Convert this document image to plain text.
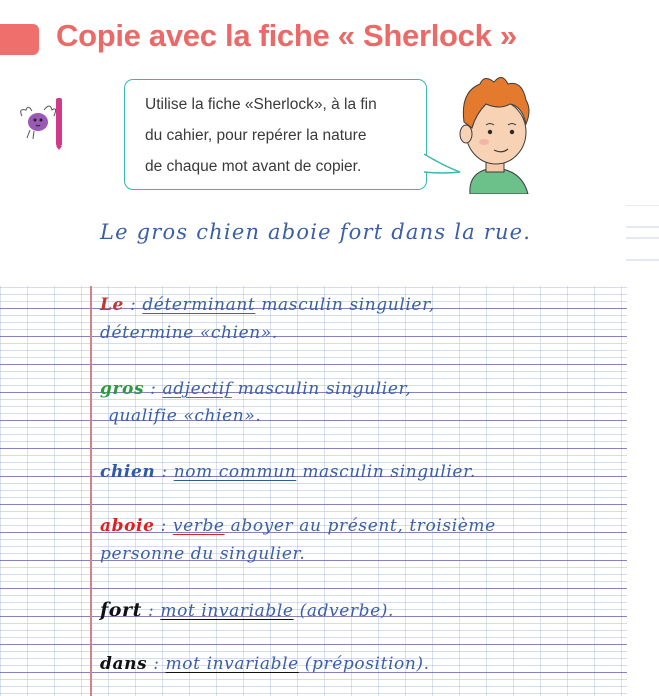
Copie avec la fiche « Sherlock »
Utilise la fiche «Sherlock», à la fin
du cahier, pour repérer la nature
de chaque mot avant de copier.

Le gros chien aboie fort dans la rue.

Le : déterminant masculin singulier,

détermine «chien».

gros : adjectif masculin singulier,

qualifie «chien».

chien : nom commun masculin singulier.

aboie : verbe aboyer au présent, troisième

personne du singulier.

fort : mot invariable (adverbe).

dans : mot invariable (préposition).
